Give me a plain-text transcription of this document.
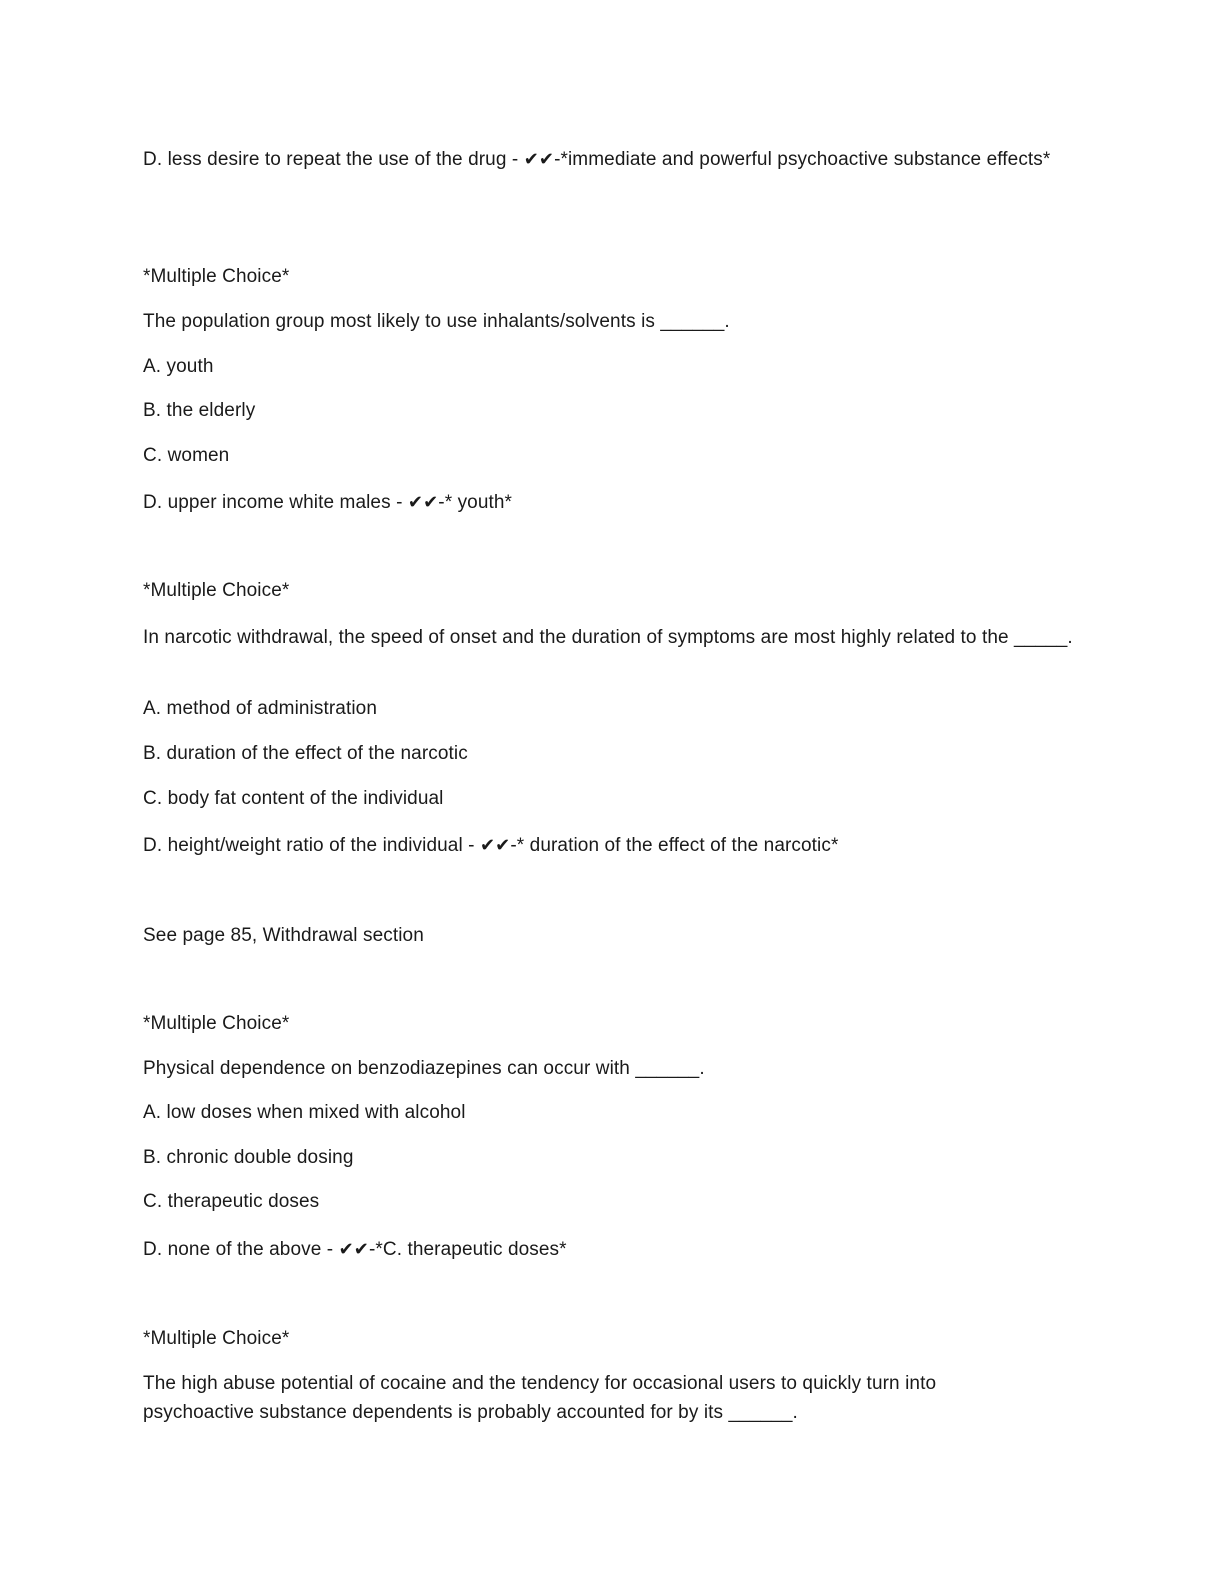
D. less desire to repeat the use of the drug - ✔✔-*immediate and powerful psychoactive substance effects*
*Multiple Choice*
The population group most likely to use inhalants/solvents is ______.
A. youth
B. the elderly
C. women
D. upper income white males - ✔✔-* youth*
*Multiple Choice*
In narcotic withdrawal, the speed of onset and the duration of symptoms are most highly related to the _____.
A. method of administration
B. duration of the effect of the narcotic
C. body fat content of the individual
D. height/weight ratio of the individual - ✔✔-* duration of the effect of the narcotic*
See page 85, Withdrawal section
*Multiple Choice*
Physical dependence on benzodiazepines can occur with ______.
A. low doses when mixed with alcohol
B. chronic double dosing
C. therapeutic doses
D. none of the above - ✔✔-*C. therapeutic doses*
*Multiple Choice*
The high abuse potential of cocaine and the tendency for occasional users to quickly turn into psychoactive substance dependents is probably accounted for by its ______.
